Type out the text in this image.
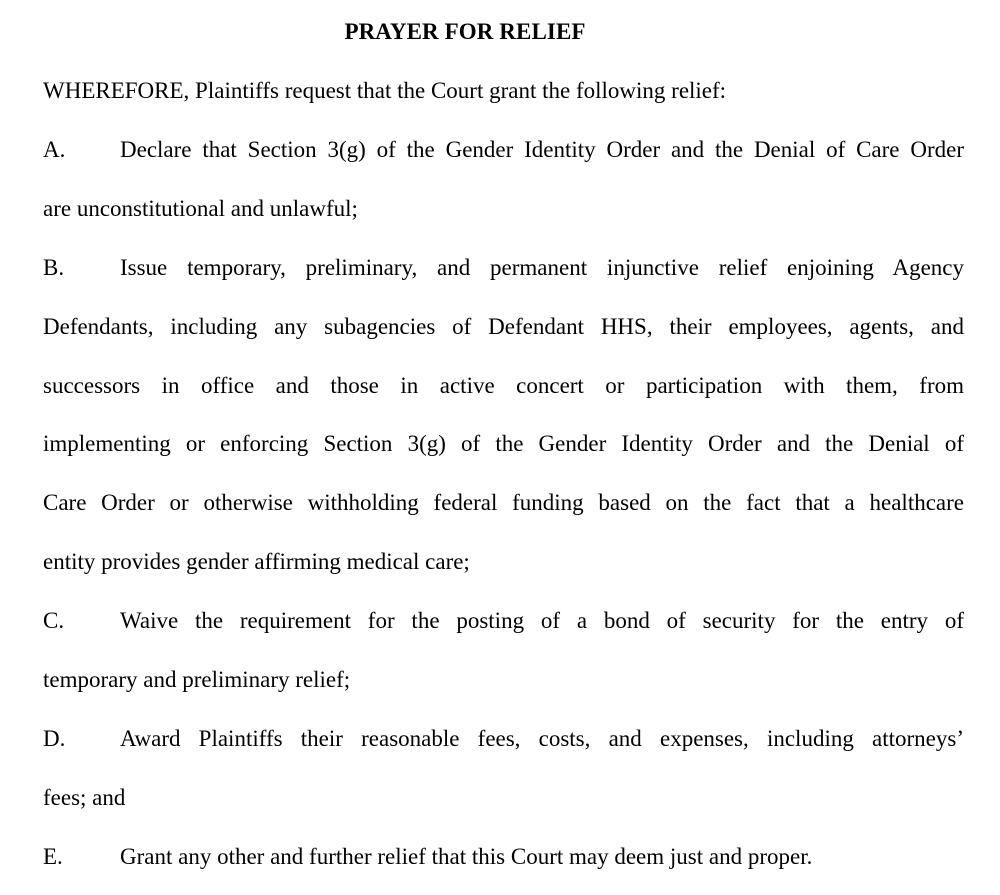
PRAYER FOR RELIEF
WHEREFORE, Plaintiffs request that the Court grant the following relief:
A. Declare that Section 3(g) of the Gender Identity Order and the Denial of Care Order
are unconstitutional and unlawful;
B. Issue temporary, preliminary, and permanent injunctive relief enjoining Agency
Defendants, including any subagencies of Defendant HHS, their employees, agents, and
successors in office and those in active concert or participation with them, from
implementing or enforcing Section 3(g) of the Gender Identity Order and the Denial of
Care Order or otherwise withholding federal funding based on the fact that a healthcare
entity provides gender affirming medical care;
C. Waive the requirement for the posting of a bond of security for the entry of
temporary and preliminary relief;
D. Award Plaintiffs their reasonable fees, costs, and expenses, including attorneys’
fees; and
E. Grant any other and further relief that this Court may deem just and proper.
